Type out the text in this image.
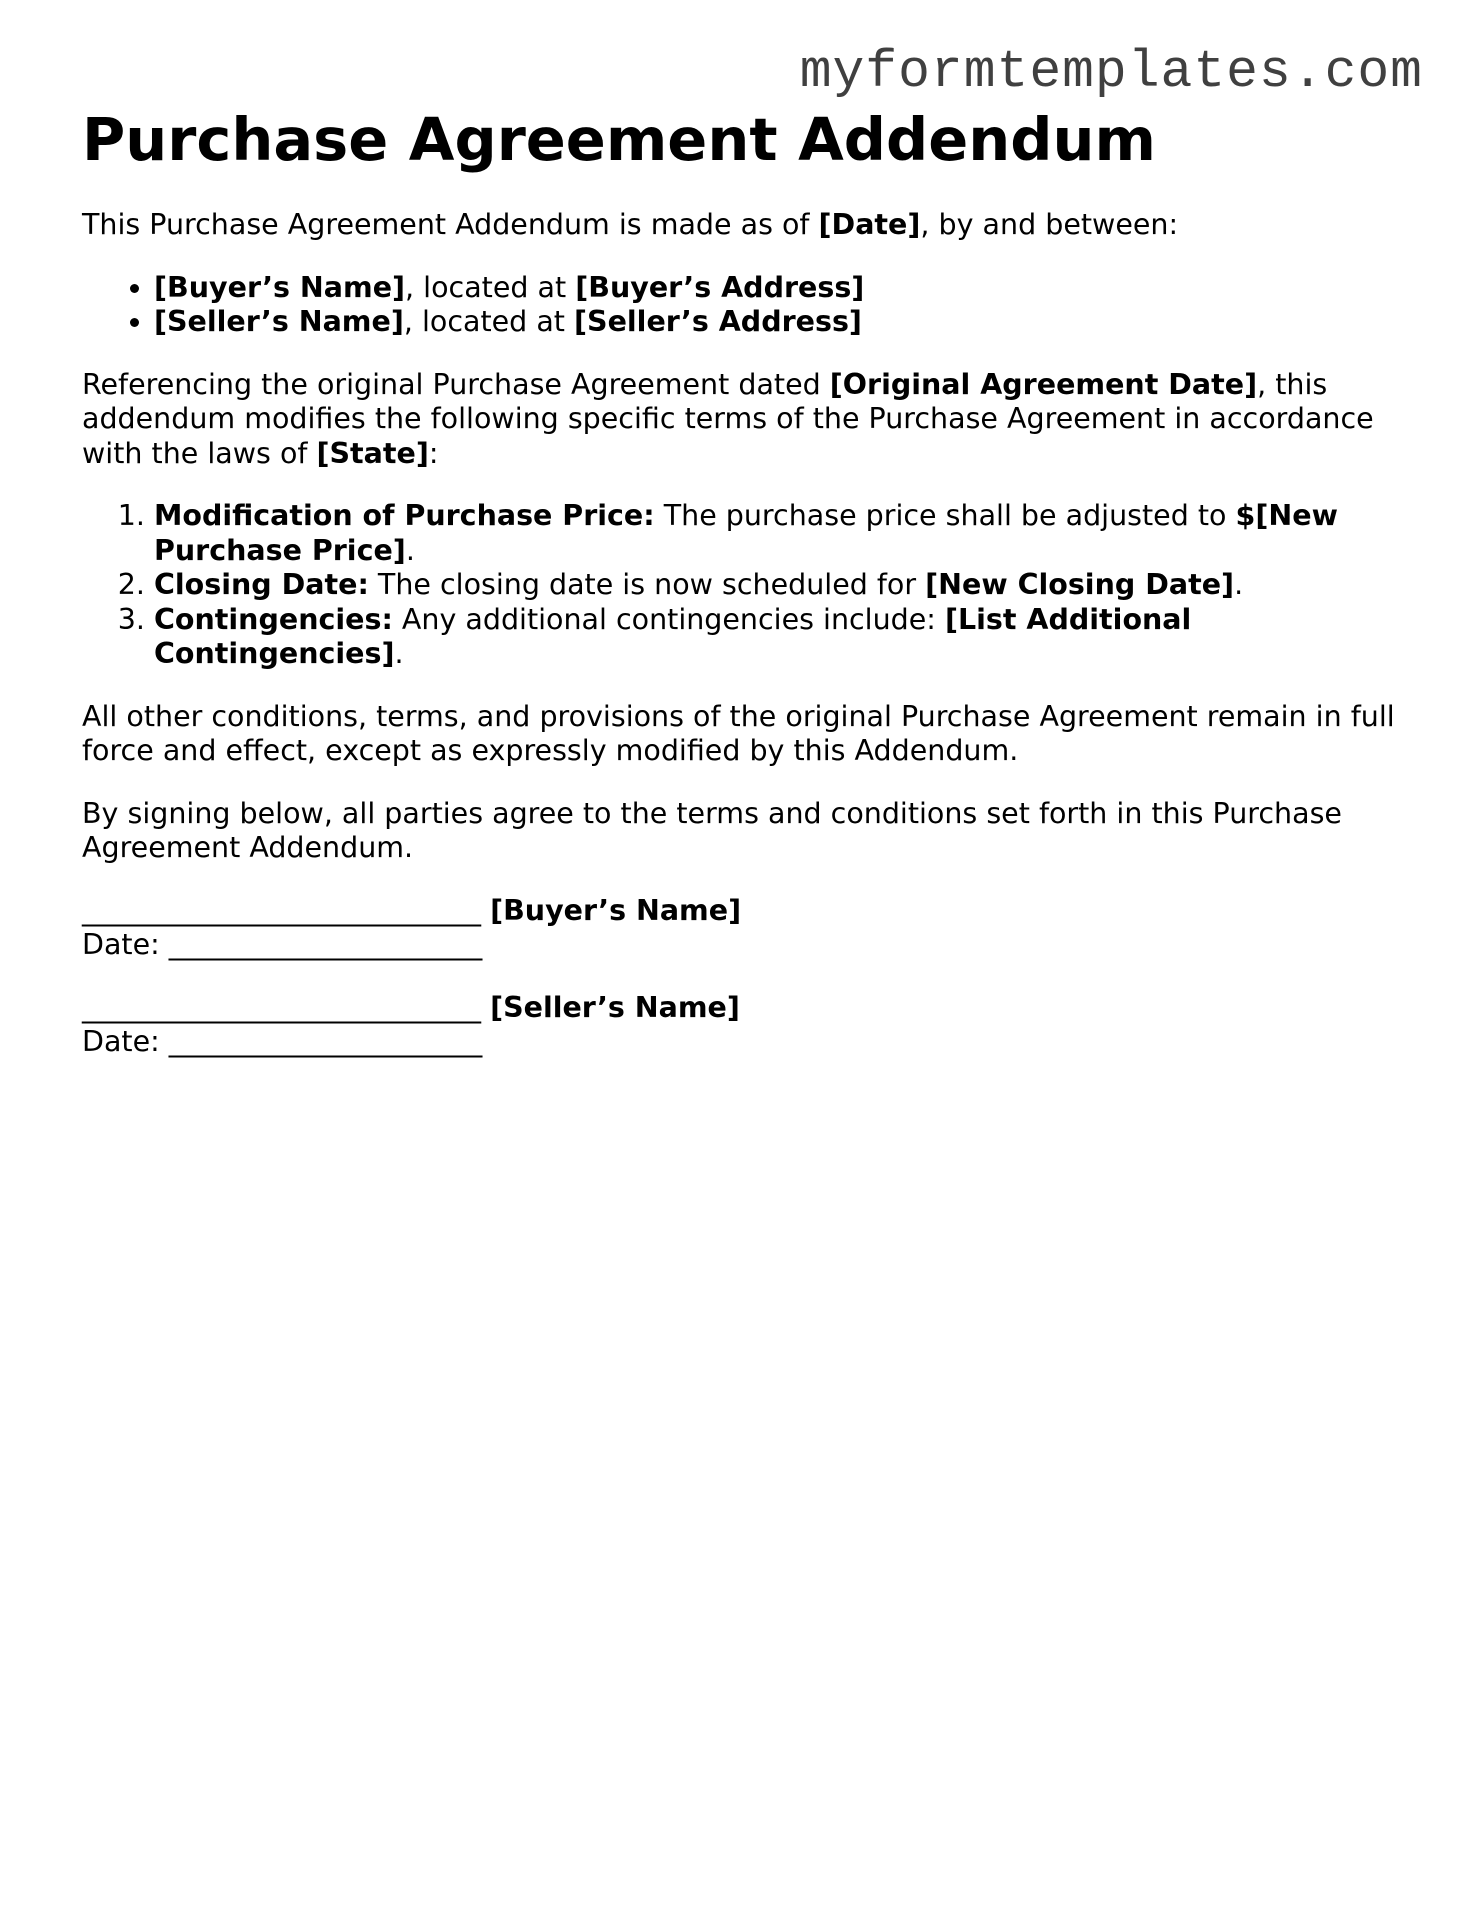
myformtemplates.com
Purchase Agreement Addendum

This Purchase Agreement Addendum is made as of [Date], by and between:

• [Buyer’s Name], located at [Buyer’s Address]
• [Seller’s Name], located at [Seller’s Address]

Referencing the original Purchase Agreement dated [Original Agreement Date], this addendum modifies the following specific terms of the Purchase Agreement in accordance with the laws of [State]:

1. Modification of Purchase Price: The purchase price shall be adjusted to $[New Purchase Price].
2. Closing Date: The closing date is now scheduled for [New Closing Date].
3. Contingencies: Any additional contingencies include: [List Additional Contingencies].

All other conditions, terms, and provisions of the original Purchase Agreement remain in full force and effect, except as expressly modified by this Addendum.

By signing below, all parties agree to the terms and conditions set forth in this Purchase Agreement Addendum.

____________________________ [Buyer’s Name]
Date: ______________________
____________________________ [Seller’s Name]
Date: ______________________
